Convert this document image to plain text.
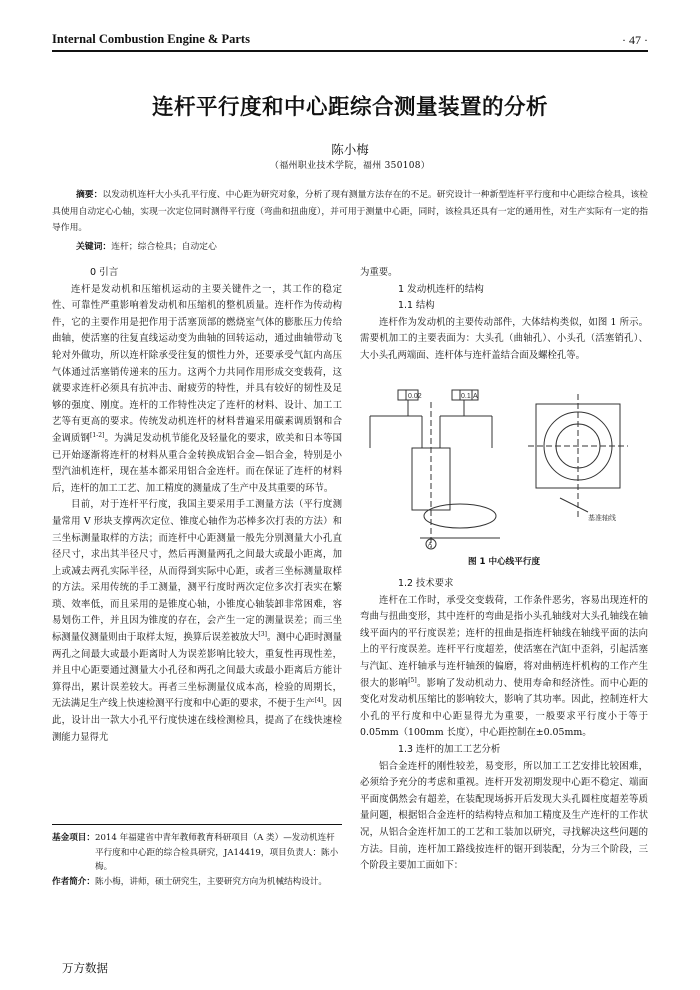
Internal Combustion Engine & Parts	· 47 ·
连杆平行度和中心距综合测量装置的分析
陈小梅
（福州职业技术学院，福州 350108）

摘要：以发动机连杆大小头孔平行度、中心距为研究对象，分析了现有测量方法存在的不足。研究设计一种新型连杆平行度和中心距综合检具，该检具使用自动定心心轴，实现一次定位同时测得平行度（弯曲和扭曲度），并可用于测量中心距，同时，该检具还具有一定的通用性，对生产实际有一定的指导作用。

关键词：连杆；综合检具；自动定心

0 引言

连杆是发动机和压缩机运动的主要关键件之一，其工作的稳定性、可靠性严重影响着发动机和压缩机的整机质量。连杆作为传动构件，它的主要作用是把作用于活塞顶部的燃烧室气体的膨胀压力传给曲轴，使活塞的往复直线运动变为曲轴的回转运动，通过曲轴带动飞轮对外做功，所以连杆除承受往复的惯性力外，还要承受气缸内高压气体通过活塞销传递来的压力。这两个力共同作用形成交变载荷，这就要求连杆必须具有抗冲击、耐疲劳的特性，并具有较好的韧性及足够的强度、刚度。连杆的工作特性决定了连杆的材料、设计、加工工艺等有更高的要求。传统发动机连杆的材料普遍采用碳素调质钢和合金调质钢[1-2]。为满足发动机节能化及轻量化的要求，欧美和日本等国已开始逐渐将连杆的材料从重合金转换成铝合金—铝合金，特别是小型汽油机连杆，现在基本都采用铝合金连杆。而在保证了连杆的材料后，连杆的加工工艺、加工精度的测量成了生产中及其重要的环节。

目前，对于连杆平行度，我国主要采用手工测量方法（平行度测量常用 V 形块支撑两次定位、锥度心轴作为芯棒多次打表的方法）和三坐标测量取样的方法；而连杆中心距测量一般先分别测量大小孔直径尺寸，求出其半径尺寸，然后再测量两孔之间最大或最小距离，加上或减去两孔实际半径，从而得到实际中心距，或者三坐标测量取样的方法。采用传统的手工测量，测平行度时两次定位多次打表实在繁琐、效率低，而且采用的是锥度心轴，小锥度心轴装卸非常困难，容易划伤工件，并且因为锥度的存在，会产生一定的测量误差；而三坐标测量仪测量则由于取样太短，换算后误差被放大[3]。测中心距时测量两孔之间最大或最小距离时人为误差影响比较大，重复性再现性差，并且中心距要通过测量大小孔径和两孔之间最大或最小距离后方能计算得出，累计误差较大。再者三坐标测量仪成本高，检验的周期长，无法满足生产线上快速检测平行度和中心距的要求，不便于生产[4]。因此，设计出一款大小孔平行度快速在线检测检具，提高了在线快速检测能力显得尤

为重要。

1 发动机连杆的结构

1.1 结构

连杆作为发动机的主要传动部件，大体结构类似，如图 1 所示。需要机加工的主要表面为：大头孔（曲轴孔）、小头孔（活塞销孔）、大小头孔两端面、连杆体与连杆盖结合面及螺栓孔等。

0.02	0.1 A
A
基准轴线
图 1 中心线平行度

1.2 技术要求

连杆在工作时，承受交变载荷，工作条件恶劣，容易出现连杆的弯曲与扭曲变形，其中连杆的弯曲是指小头孔轴线对大头孔轴线在轴线平面内的平行度误差；连杆的扭曲是指连杆轴线在轴线平面的法向上的平行度误差。连杆平行度超差，使活塞在汽缸中歪斜，引起活塞与汽缸、连杆轴承与连杆轴颈的偏磨，将对曲柄连杆机构的工作产生很大的影响[5]。影响了发动机动力、使用寿命和经济性。而中心距的变化对发动机压缩比的影响较大，影响了其功率。因此，控制连杆大小孔的平行度和中心距显得尤为重要，一般要求平行度小于等于 0.05mm（100mm 长度），中心距控制在±0.05mm。

1.3 连杆的加工工艺分析

铝合金连杆的刚性较差，易变形，所以加工工艺安排比较困难，必须给予充分的考虑和重视。连杆开发初期发现中心距不稳定、端面平面度偶然会有超差，在装配现场拆开后发现大头孔圆柱度超差等质量问题，根据铝合金连杆的结构特点和加工精度及生产连杆的工作状况，从铝合金连杆加工的工艺和工装加以研究，寻找解决这些问题的方法。目前，连杆加工路线按连杆的锯开到装配，分为三个阶段，三个阶段主要加工面如下：

基金项目： 2014 年福建省中青年教师教育科研项目（A 类）—发动机连杆平行度和中心距的综合检具研究，JA14419，项目负责人：陈小梅。
作者简介： 陈小梅，讲师，硕士研究生，主要研究方向为机械结构设计。
万方数据
